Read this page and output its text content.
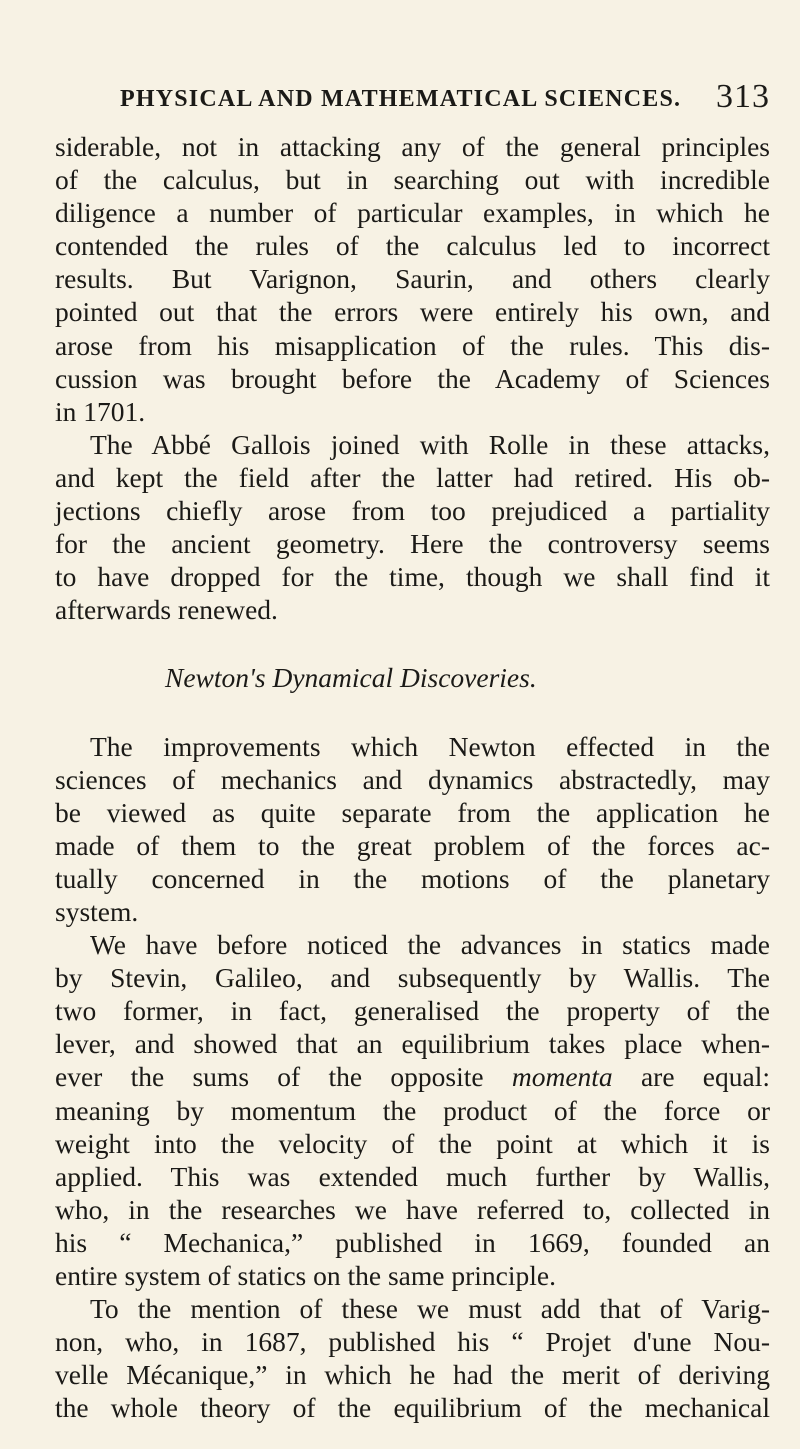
PHYSICAL AND MATHEMATICAL SCIENCES. 313
siderable, not in attacking any of the general principles
of the calculus, but in searching out with incredible
diligence a number of particular examples, in which he
contended the rules of the calculus led to incorrect
results. But Varignon, Saurin, and others clearly
pointed out that the errors were entirely his own, and
arose from his misapplication of the rules. This dis-
cussion was brought before the Academy of Sciences
in 1701.
The Abbé Gallois joined with Rolle in these attacks,
and kept the field after the latter had retired. His ob-
jections chiefly arose from too prejudiced a partiality
for the ancient geometry. Here the controversy seems
to have dropped for the time, though we shall find it
afterwards renewed.
Newton's Dynamical Discoveries.
The improvements which Newton effected in the
sciences of mechanics and dynamics abstractedly, may
be viewed as quite separate from the application he
made of them to the great problem of the forces ac-
tually concerned in the motions of the planetary
system.
We have before noticed the advances in statics made
by Stevin, Galileo, and subsequently by Wallis. The
two former, in fact, generalised the property of the
lever, and showed that an equilibrium takes place when-
ever the sums of the opposite momenta are equal:
meaning by momentum the product of the force or
weight into the velocity of the point at which it is
applied. This was extended much further by Wallis,
who, in the researches we have referred to, collected in
his “ Mechanica,” published in 1669, founded an
entire system of statics on the same principle.
To the mention of these we must add that of Varig-
non, who, in 1687, published his “ Projet d'une Nou-
velle Mécanique,” in which he had the merit of deriving
the whole theory of the equilibrium of the mechanical
